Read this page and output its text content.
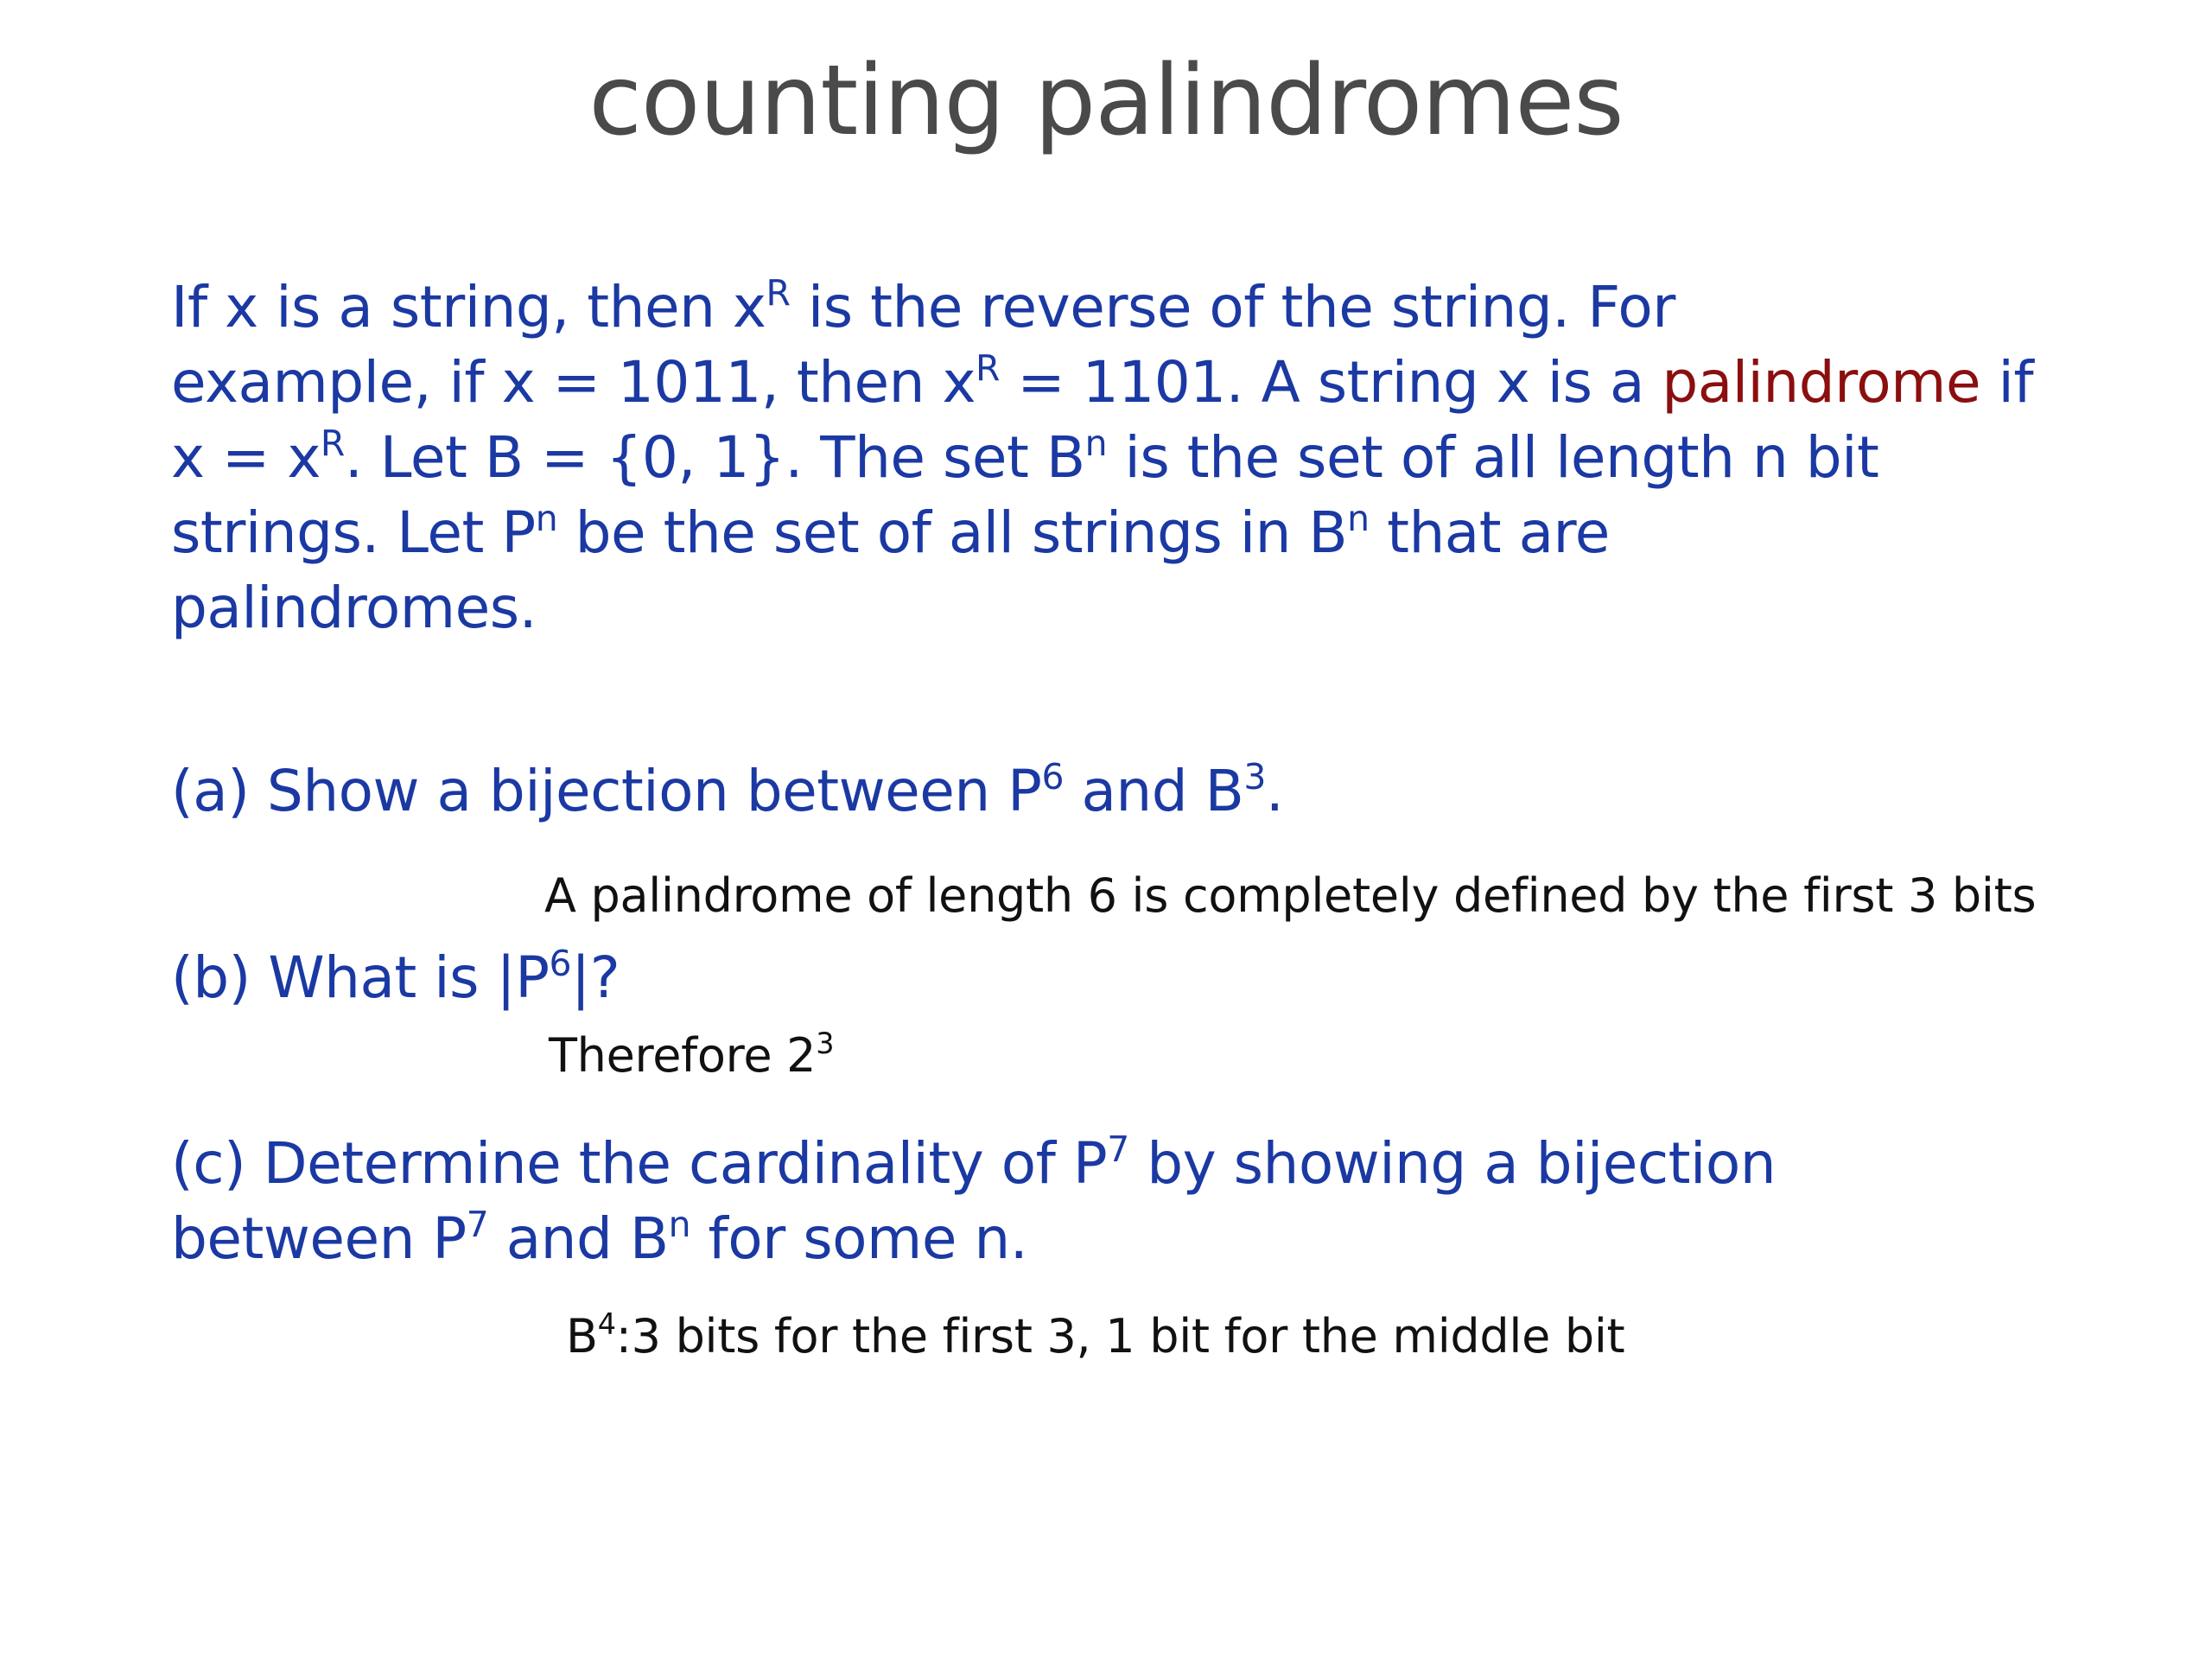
counting palindromes
If x is a string, then $x^R$ is the reverse of the string. For
example, if x = 1011, then $x^R = 1101$. A string x is a palindrome if
$x = x^R$. Let B = {0, 1}. The set $B^n$ is the set of all length n bit
strings. Let $P^n$ be the set of all strings in $B^n$ that are
palindromes.
(a) Show a bijection between $P^6$ and $B^3$.
A palindrome of length 6 is completely defined by the first 3 bits
(b) What is $|P^6|$?
Therefore $2^3$
(c) Determine the cardinality of $P^7$ by showing a bijection
between $P^7$ and $B^n$ for some n.
$B^4:3$ bits for the first 3, 1 bit for the middle bit
